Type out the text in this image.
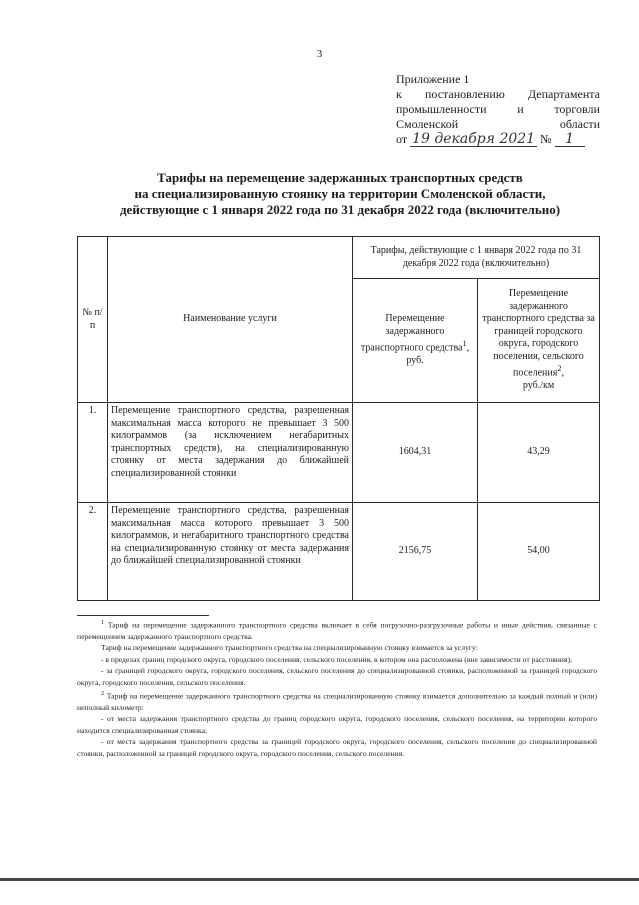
3
Приложение 1
к постановлению Департамента
промышленности	и	торговли
Смоленской	области
от
19 декабря 2021
№
1
Тарифы на перемещение задержанных транспортных средств
на специализированную стоянку на территории Смоленской области,
действующие с 1 января 2022 года по 31 декабря 2022 года (включительно)
№ п/п	Наименование услуги	Тарифы, действующие с 1 января 2022 года по 31 декабря 2022 года (включительно)	
		Перемещение задержанного транспортного средства$^1$,
руб.	Перемещение задержанного транспортного средства за границей городского округа, городского поселения, сельского поселения$^2$,
руб./км
1.	Перемещение транспортного средства, разрешенная максимальная масса которого не превышает 3 500 килограммов (за исключением негабаритных транспортных средств), на специализированную стоянку от места задержания до ближайшей специализированной стоянки	1604,31	43,29
2.	Перемещение транспортного средства, разрешенная максимальная масса которого превышает 3 500 килограммов, и негабаритного транспортного средства на специализированную стоянку от места задержания до ближайшей специализированной стоянки	2156,75	54,00

$^1$ Тариф на перемещение задержанного транспортного средства включает в себя погрузочно-разгрузочные работы и иные действия, связанные с перемещением задержанного транспортного средства.

Тариф на перемещение задержанного транспортного средства на специализированную стоянку взимается за услугу:

- в пределах границ городского округа, городского поселения, сельского поселения, в котором она расположена (вне зависимости от расстояния);

- за границей городского округа, городского поселения, сельского поселения до специализированной стоянки, расположенной за границей городского округа, городского поселения, сельского поселения.

$^2$ Тариф на перемещение задержанного транспортного средства на специализированную стоянку взимается дополнительно за каждый полный и (или) неполный километр:

- от места задержания транспортного средства до границ городского округа, городского поселения, сельского поселения, на территории которого находится специализированная стоянка;

- от места задержания транспортного средства за границей городского округа, городского поселения, сельского поселения до специализированной стоянки, расположенной за границей городского округа, городского поселения, сельского поселения.
